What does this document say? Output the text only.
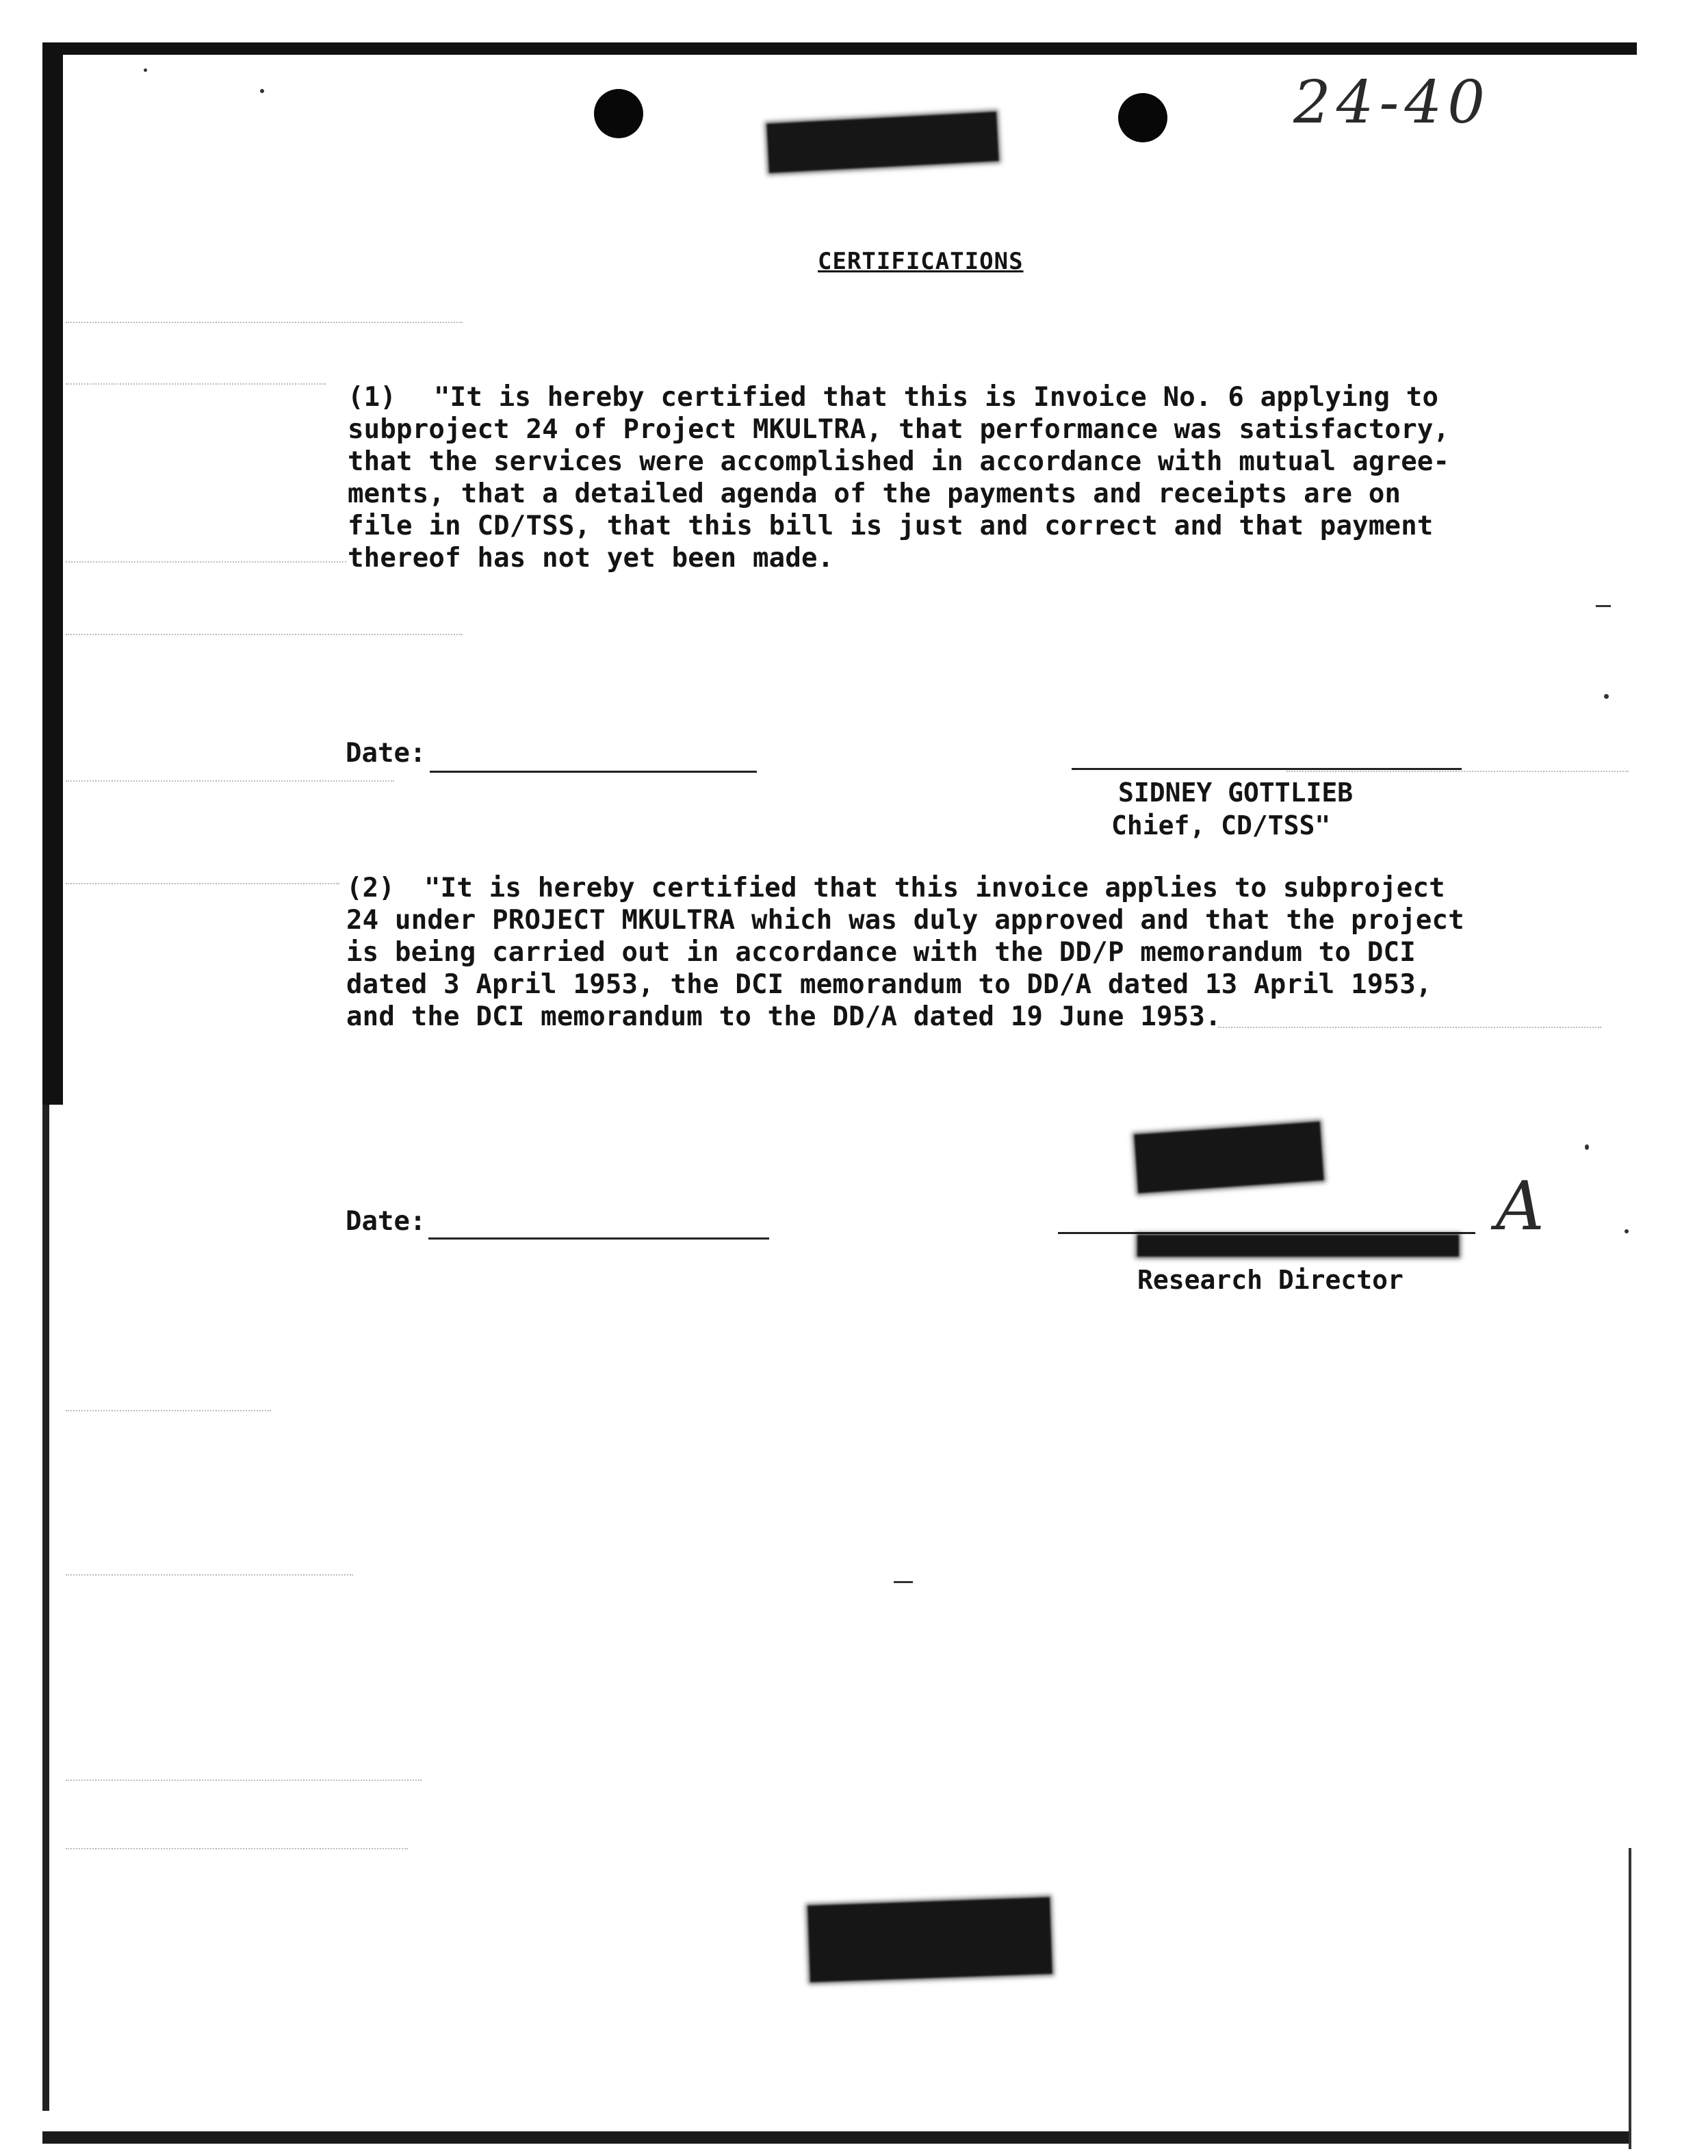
24-40
CERTIFICATIONS
(1) "It is hereby certified that this is Invoice No. 6 applying to
subproject 24 of Project MKULTRA, that performance was satisfactory,
that the services were accomplished in accordance with mutual agree-
ments, that a detailed agenda of the payments and receipts are on
file in CD/TSS, that this bill is just and correct and that payment
thereof has not yet been made.
Date:
SIDNEY GOTTLIEB
Chief, CD/TSS"
(2) "It is hereby certified that this invoice applies to subproject
24 under PROJECT MKULTRA which was duly approved and that the project
is being carried out in accordance with the DD/P memorandum to DCI
dated 3 April 1953, the DCI memorandum to DD/A dated 13 April 1953,
and the DCI memorandum to the DD/A dated 19 June 1953.
Date:	A
Research Director
